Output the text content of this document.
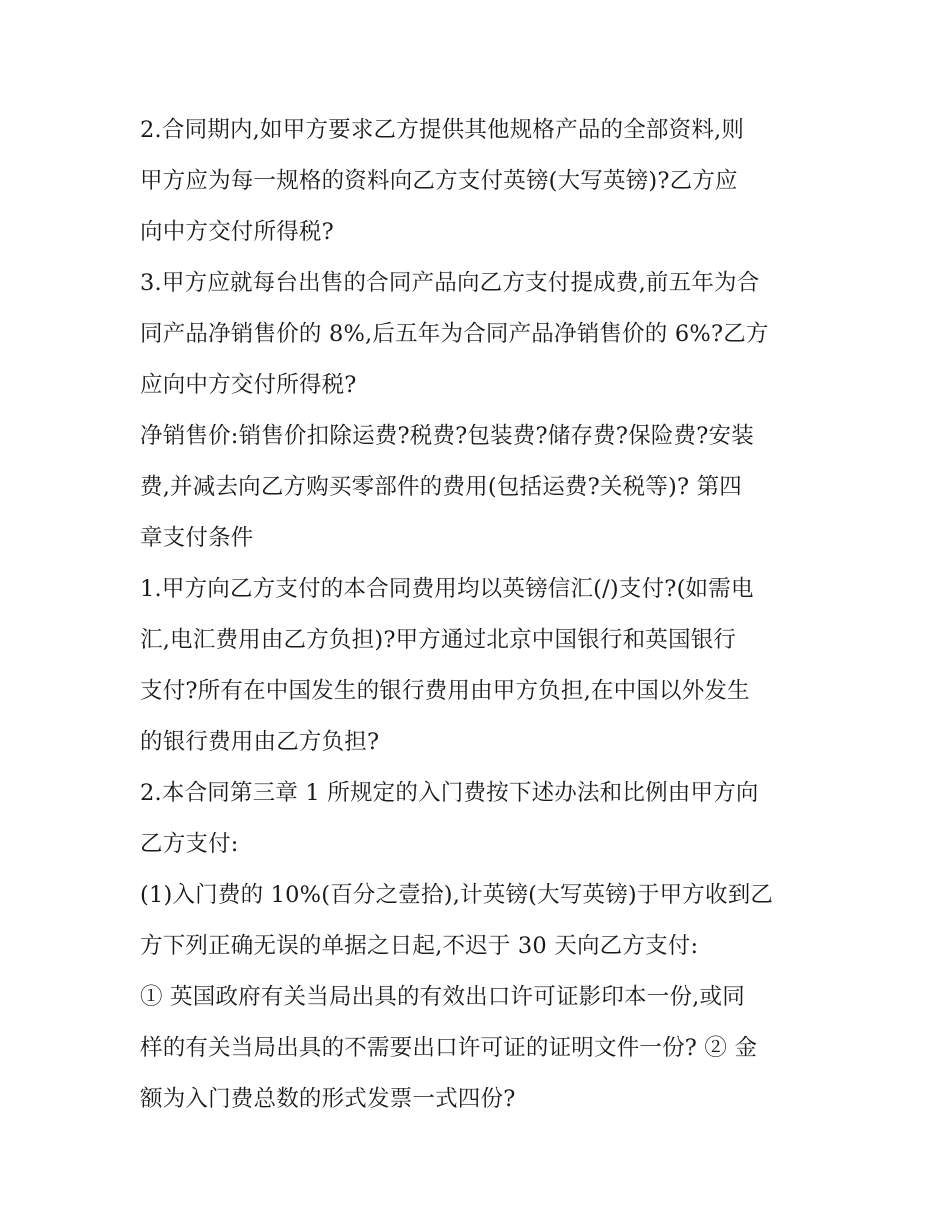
2.合同期内,如甲方要求乙方提供其他规格产品的全部资料,则
甲方应为每一规格的资料向乙方支付英镑(大写英镑)?乙方应
向中方交付所得税?
3.甲方应就每台出售的合同产品向乙方支付提成费,前五年为合
同产品净销售价的 8%,后五年为合同产品净销售价的 6%?乙方
应向中方交付所得税?
净销售价:销售价扣除运费?税费?包装费?储存费?保险费?安装
费,并减去向乙方购买零部件的费用(包括运费?关税等)? 第四
章支付条件
1.甲方向乙方支付的本合同费用均以英镑信汇(/)支付?(如需电
汇,电汇费用由乙方负担)?甲方通过北京中国银行和英国银行
支付?所有在中国发生的银行费用由甲方负担,在中国以外发生
的银行费用由乙方负担?
2.本合同第三章 1 所规定的入门费按下述办法和比例由甲方向
乙方支付:
(1)入门费的 10%(百分之壹拾),计英镑(大写英镑)于甲方收到乙
方下列正确无误的单据之日起,不迟于 30 天向乙方支付:
① 英国政府有关当局出具的有效出口许可证影印本一份,或同
样的有关当局出具的不需要出口许可证的证明文件一份? ② 金
额为入门费总数的形式发票一式四份?
